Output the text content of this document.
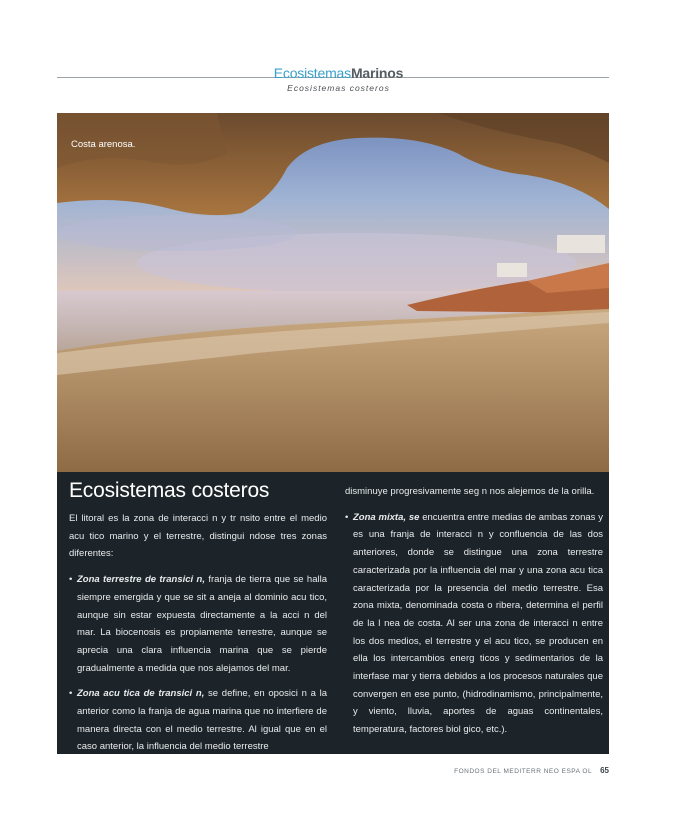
EcosistemasMarinos
Ecosistemas costeros
Costa arenosa.
Ecosistemas costeros

El litoral es la zona de interacci n y tr nsito entre el medio acu tico marino y el terrestre, distingui ndose tres zonas diferentes:

• Zona terrestre de transici n, franja de tierra que se halla siempre emergida y que se sit a aneja al dominio acu tico, aunque sin estar expuesta directamente a la acci n del mar. La biocenosis es propiamente terrestre, aunque se aprecia una clara influencia marina que se pierde gradualmente a medida que nos alejamos del mar.
• Zona acu tica de transici n, se define, en oposici n a la anterior como la franja de agua marina que no interfiere de manera directa con el medio terrestre. Al igual que en el caso anterior, la influencia del medio terrestre

disminuye progresivamente seg n nos alejemos de la orilla.

• Zona mixta, se encuentra entre medias de ambas zonas y es una franja de interacci n y confluencia de las dos anteriores, donde se distingue una zona terrestre caracterizada por la influencia del mar y una zona acu tica caracterizada por la presencia del medio terrestre. Esa zona mixta, denominada costa o ribera, determina el perfil de la l nea de costa. Al ser una zona de interacci n entre los dos medios, el terrestre y el acu tico, se producen en ella los intercambios energ ticos y sedimentarios de la interfase mar y tierra debidos a los procesos naturales que convergen en ese punto, (hidrodinamismo, principalmente, y viento, lluvia, aportes de aguas continentales, temperatura, factores biol gico, etc.).
FONDOS DEL MEDITERR NEO ESPA OL 65
